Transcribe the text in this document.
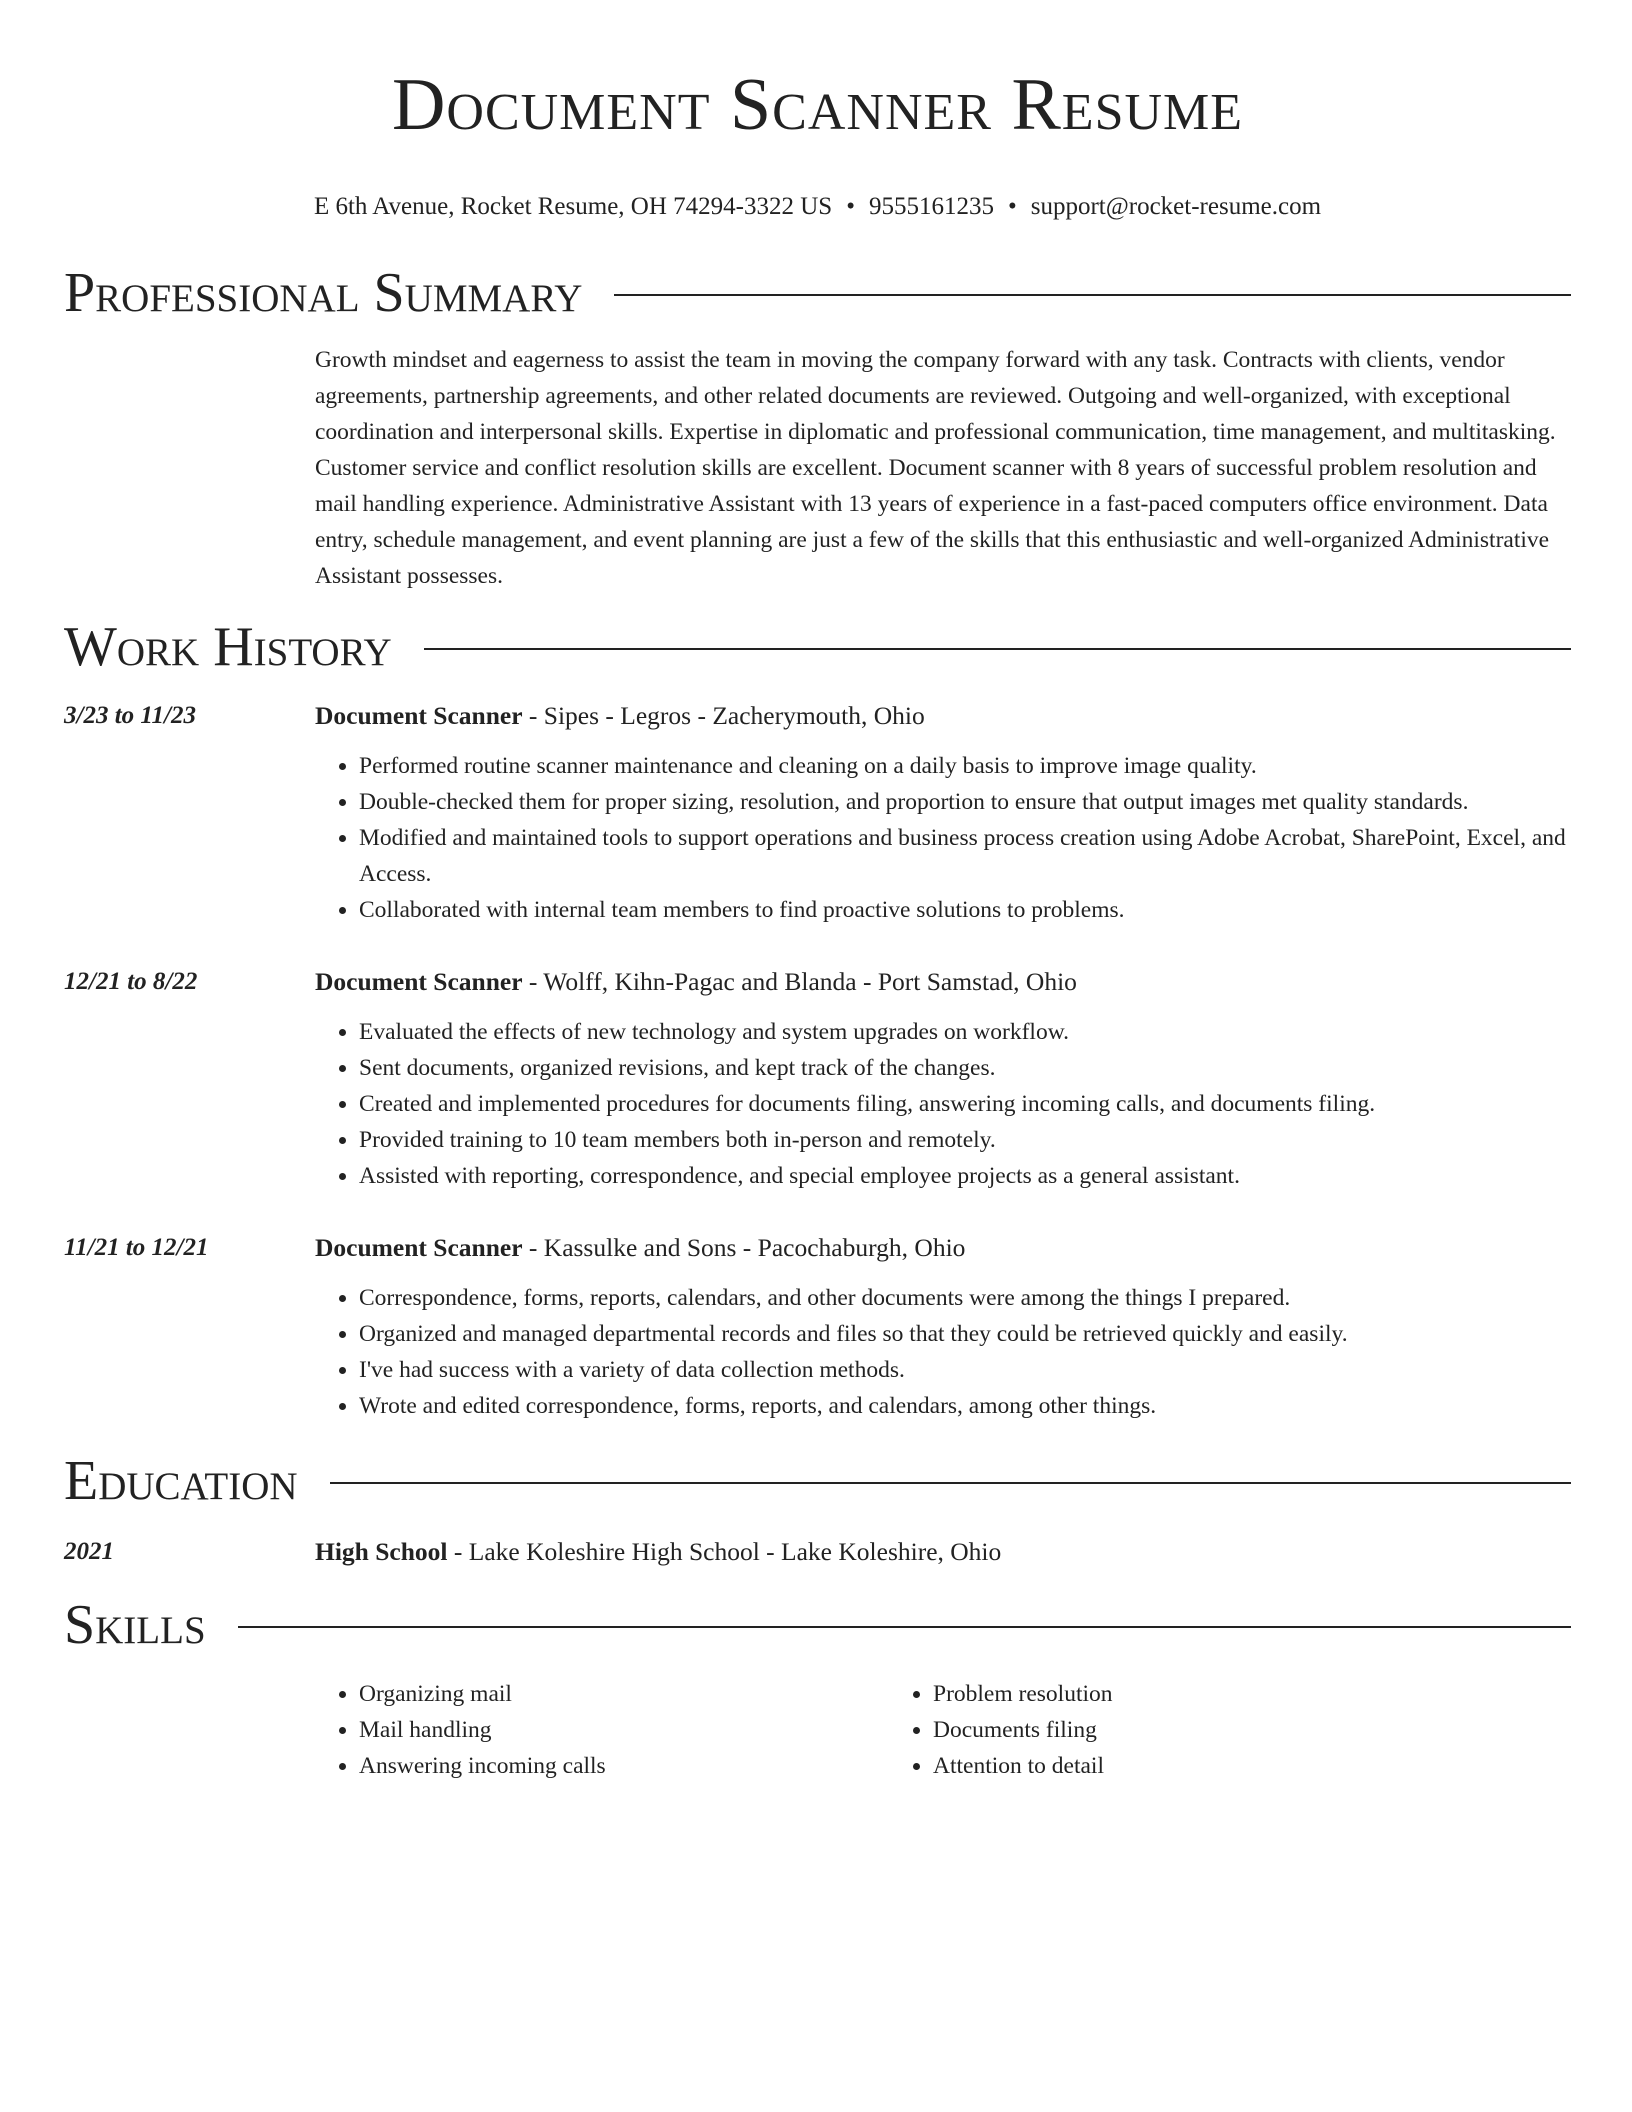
Document Scanner Resume
E 6th Avenue, Rocket Resume, OH 74294-3322 US • 9555161235 • support@rocket-resume.com
Professional Summary
Growth mindset and eagerness to assist the team in moving the company forward with any task. Contracts with clients, vendor agreements, partnership agreements, and other related documents are reviewed. Outgoing and well-organized, with exceptional coordination and interpersonal skills. Expertise in diplomatic and professional communication, time management, and multitasking. Customer service and conflict resolution skills are excellent. Document scanner with 8 years of successful problem resolution and mail handling experience. Administrative Assistant with 13 years of experience in a fast-paced computers office environment. Data entry, schedule management, and event planning are just a few of the skills that this enthusiastic and well-organized Administrative Assistant possesses.
Work History
3/23 to 11/23	Document Scanner - Sipes - Legros - Zacherymouth, Ohio
• Performed routine scanner maintenance and cleaning on a daily basis to improve image quality.
• Double-checked them for proper sizing, resolution, and proportion to ensure that output images met quality standards.
• Modified and maintained tools to support operations and business process creation using Adobe Acrobat, SharePoint, Excel, and Access.
• Collaborated with internal team members to find proactive solutions to problems.
12/21 to 8/22	Document Scanner - Wolff, Kihn-Pagac and Blanda - Port Samstad, Ohio
• Evaluated the effects of new technology and system upgrades on workflow.
• Sent documents, organized revisions, and kept track of the changes.
• Created and implemented procedures for documents filing, answering incoming calls, and documents filing.
• Provided training to 10 team members both in-person and remotely.
• Assisted with reporting, correspondence, and special employee projects as a general assistant.
11/21 to 12/21	Document Scanner - Kassulke and Sons - Pacochaburgh, Ohio
• Correspondence, forms, reports, calendars, and other documents were among the things I prepared.
• Organized and managed departmental records and files so that they could be retrieved quickly and easily.
• I've had success with a variety of data collection methods.
• Wrote and edited correspondence, forms, reports, and calendars, among other things.
Education
2021	High School - Lake Koleshire High School - Lake Koleshire, Ohio
Skills
• Organizing mail
• Mail handling
• Answering incoming calls
• Problem resolution
• Documents filing
• Attention to detail
